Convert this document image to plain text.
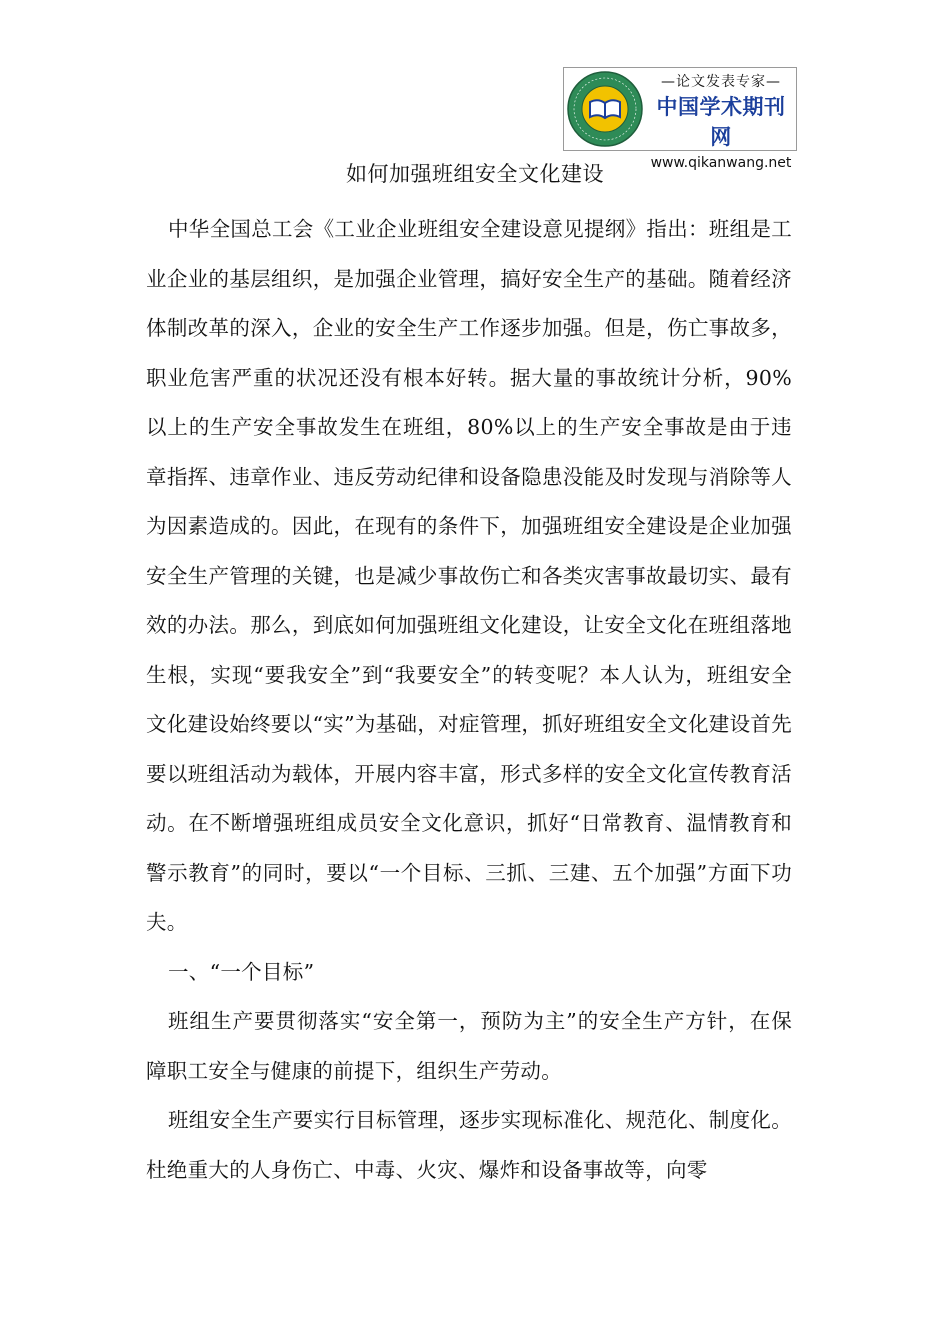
—论文发表专家—
中国学术期刊网
www.qikanwang.net
如何加强班组安全文化建设

中华全国总工会《工业企业班组安全建设意见提纲》指出：班组是工业企业的基层组织，是加强企业管理，搞好安全生产的基础。随着经济体制改革的深入，企业的安全生产工作逐步加强。但是，伤亡事故多，职业危害严重的状况还没有根本好转。据大量的事故统计分析，90%以上的生产安全事故发生在班组，80%以上的生产安全事故是由于违章指挥、违章作业、违反劳动纪律和设备隐患没能及时发现与消除等人为因素造成的。因此，在现有的条件下，加强班组安全建设是企业加强安全生产管理的关键，也是减少事故伤亡和各类灾害事故最切实、最有效的办法。那么，到底如何加强班组文化建设，让安全文化在班组落地生根，实现“要我安全”到“我要安全”的转变呢？本人认为，班组安全文化建设始终要以“实”为基础，对症管理，抓好班组安全文化建设首先要以班组活动为载体，开展内容丰富，形式多样的安全文化宣传教育活动。在不断增强班组成员安全文化意识，抓好“日常教育、温情教育和警示教育”的同时，要以“一个目标、三抓、三建、五个加强”方面下功夫。

一、“一个目标”

班组生产要贯彻落实“安全第一，预防为主”的安全生产方针，在保障职工安全与健康的前提下，组织生产劳动。

班组安全生产要实行目标管理，逐步实现标准化、规范化、制度化。杜绝重大的人身伤亡、中毒、火灾、爆炸和设备事故等，向零
